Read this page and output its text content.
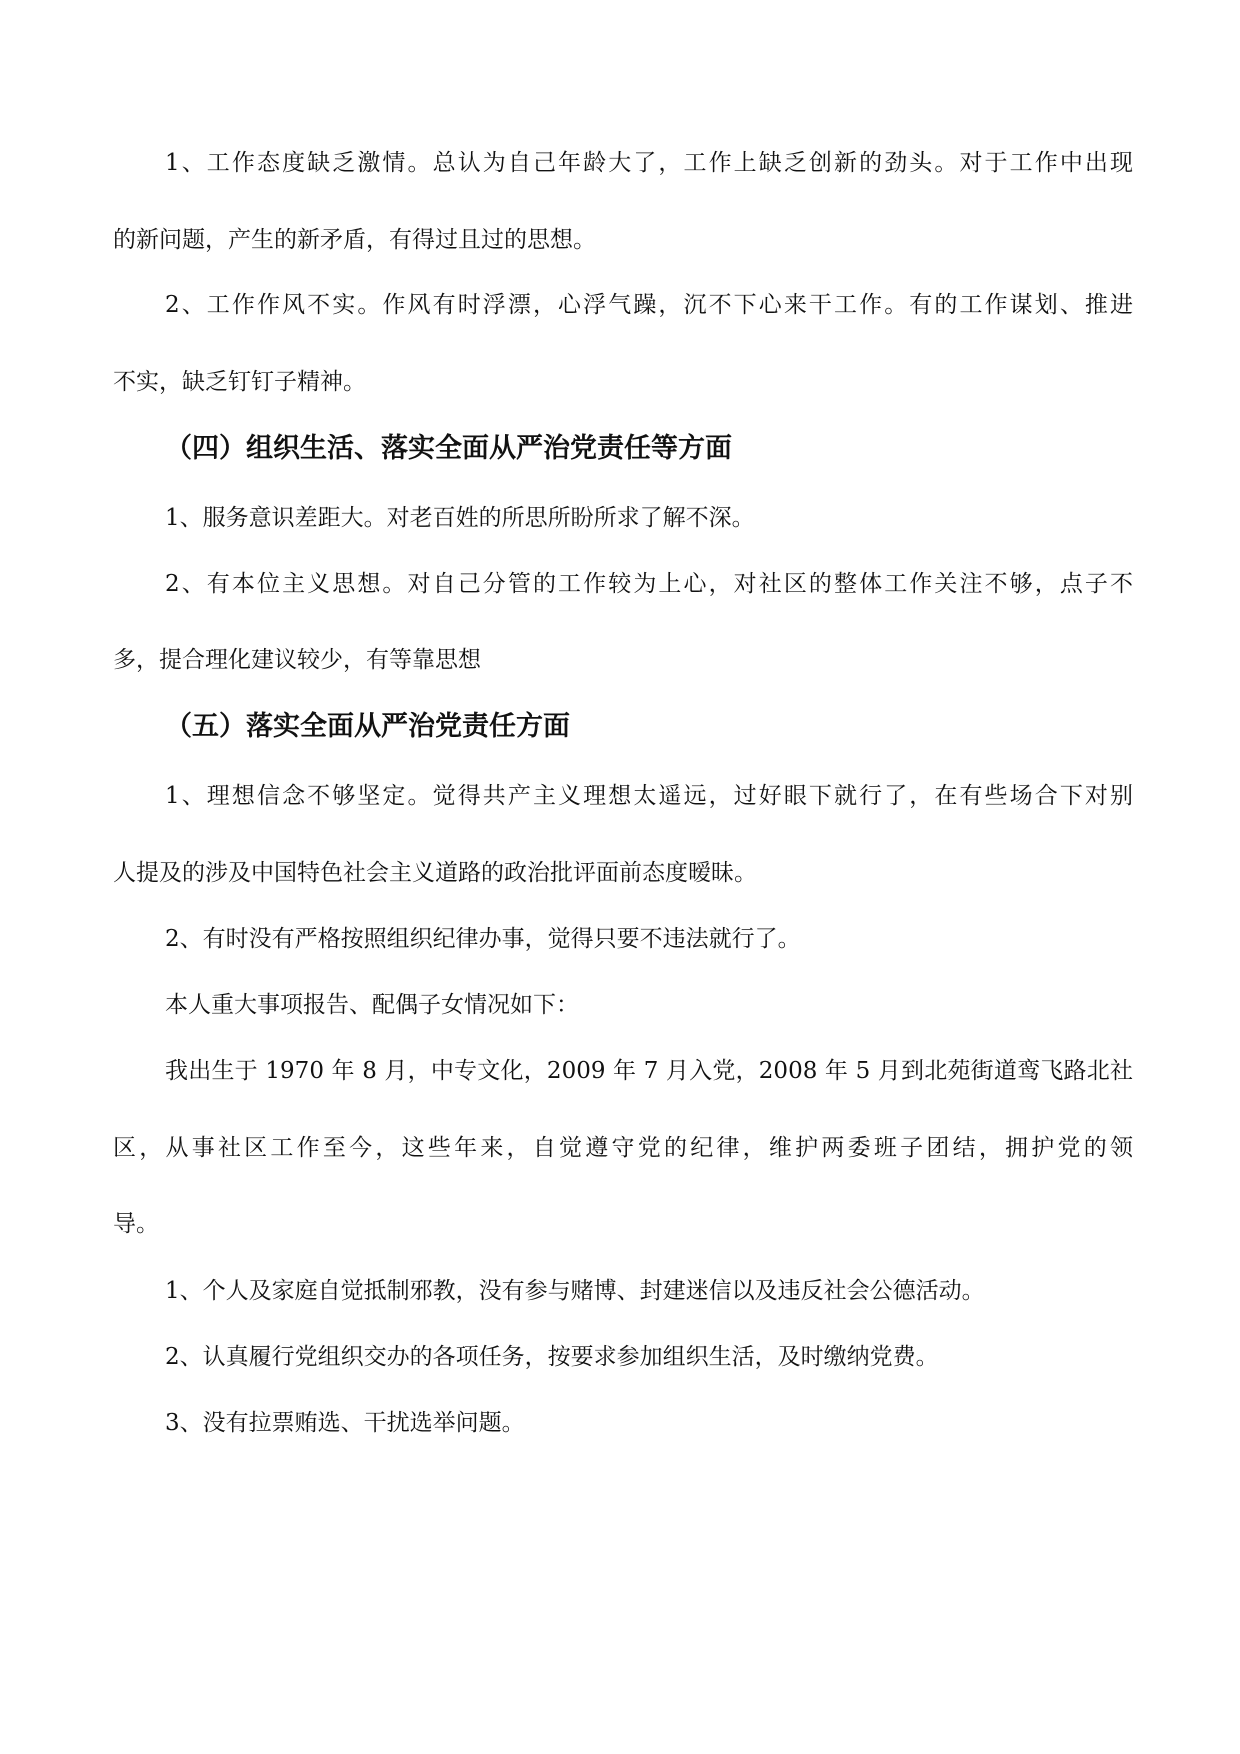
1、工作态度缺乏激情。总认为自己年龄大了，工作上缺乏创新的劲头。对于工作中出现
的新问题，产生的新矛盾，有得过且过的思想。
2、工作作风不实。作风有时浮漂，心浮气躁，沉不下心来干工作。有的工作谋划、推进
不实，缺乏钉钉子精神。
（四）组织生活、落实全面从严治党责任等方面
1、服务意识差距大。对老百姓的所思所盼所求了解不深。
2、有本位主义思想。对自己分管的工作较为上心，对社区的整体工作关注不够，点子不
多，提合理化建议较少，有等靠思想
（五）落实全面从严治党责任方面
1、理想信念不够坚定。觉得共产主义理想太遥远，过好眼下就行了，在有些场合下对别
人提及的涉及中国特色社会主义道路的政治批评面前态度暧昧。
2、有时没有严格按照组织纪律办事，觉得只要不违法就行了。
本人重大事项报告、配偶子女情况如下：
我出生于 1970 年 8 月，中专文化，2009 年 7 月入党，2008 年 5 月到北苑街道鸾飞路北社
区，从事社区工作至今，这些年来，自觉遵守党的纪律，维护两委班子团结，拥护党的领
导。
1、个人及家庭自觉抵制邪教，没有参与赌博、封建迷信以及违反社会公德活动。
2、认真履行党组织交办的各项任务，按要求参加组织生活，及时缴纳党费。
3、没有拉票贿选、干扰选举问题。
